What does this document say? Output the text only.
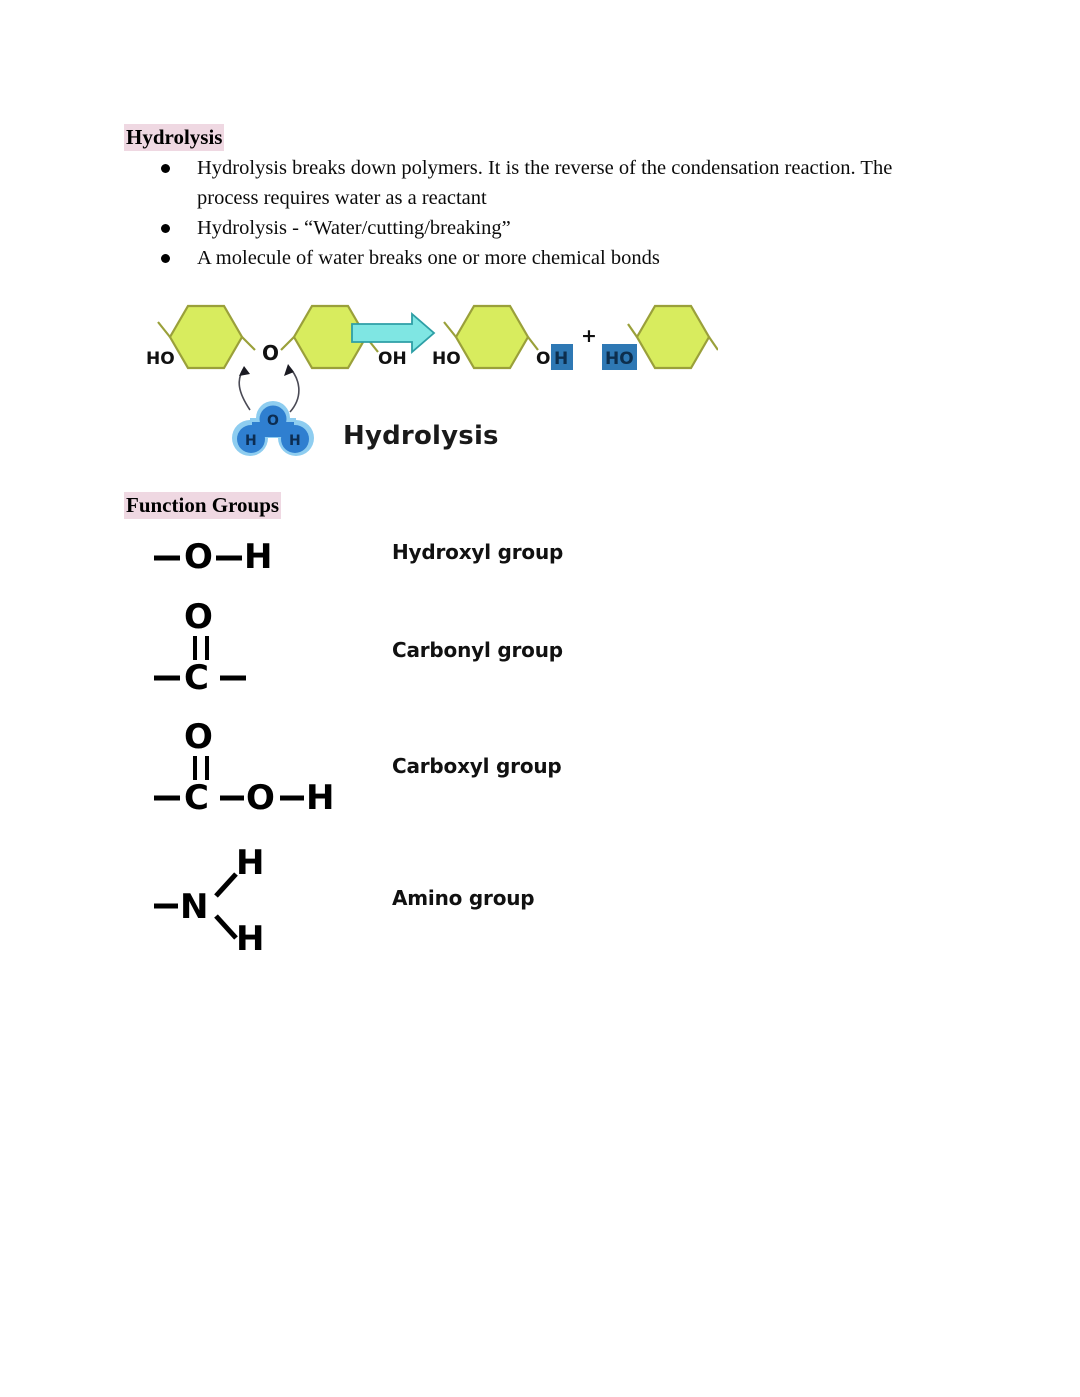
Hydrolysis
Hydrolysis breaks down polymers. It is the reverse of the condensation reaction. The process requires water as a reactant
Hydrolysis - “Water/cutting/breaking”
A molecule of water breaks one or more chemical bonds
O
HO	OH
O
H H
HO	O H
+
HO
Hydrolysis
Function Groups
O H	Hydroxyl group
O
C
Carbonyl group
O
C O H
Carboxyl group
N
H
H
Amino group
